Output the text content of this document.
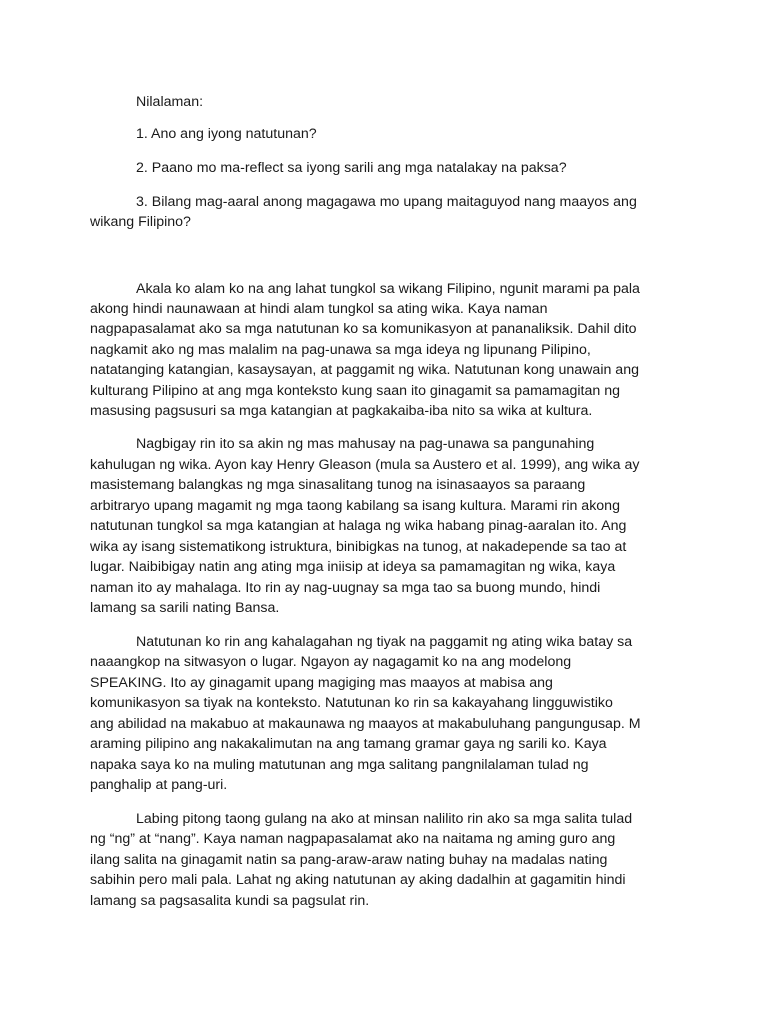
Nilalaman:
1. Ano ang iyong natutunan?
2. Paano mo ma-reflect sa iyong sarili ang mga natalakay na paksa?
3. Bilang mag-aaral anong magagawa mo upang maitaguyod nang maayos ang
wikang Filipino?
Akala ko alam ko na ang lahat tungkol sa wikang Filipino, ngunit marami pa pala
akong hindi naunawaan at hindi alam tungkol sa ating wika. Kaya naman
nagpapasalamat ako sa mga natutunan ko sa komunikasyon at pananaliksik. Dahil dito
nagkamit ako ng mas malalim na pag-unawa sa mga ideya ng lipunang Pilipino,
natatanging katangian, kasaysayan, at paggamit ng wika. Natutunan kong unawain ang
kulturang Pilipino at ang mga konteksto kung saan ito ginagamit sa pamamagitan ng
masusing pagsusuri sa mga katangian at pagkakaiba-iba nito sa wika at kultura.
Nagbigay rin ito sa akin ng mas mahusay na pag-unawa sa pangunahing
kahulugan ng wika. Ayon kay Henry Gleason (mula sa Austero et al. 1999), ang wika ay
masistemang balangkas ng mga sinasalitang tunog na isinasaayos sa paraang
arbitraryo upang magamit ng mga taong kabilang sa isang kultura. Marami rin akong
natutunan tungkol sa mga katangian at halaga ng wika habang pinag-aaralan ito. Ang
wika ay isang sistematikong istruktura, binibigkas na tunog, at nakadepende sa tao at
lugar. Naibibigay natin ang ating mga iniisip at ideya sa pamamagitan ng wika, kaya
naman ito ay mahalaga. Ito rin ay nag-uugnay sa mga tao sa buong mundo, hindi
lamang sa sarili nating Bansa.
Natutunan ko rin ang kahalagahan ng tiyak na paggamit ng ating wika batay sa
naaangkop na sitwasyon o lugar. Ngayon ay nagagamit ko na ang modelong
SPEAKING. Ito ay ginagamit upang magiging mas maayos at mabisa ang
komunikasyon sa tiyak na konteksto. Natutunan ko rin sa kakayahang lingguwistiko
ang abilidad na makabuo at makaunawa ng maayos at makabuluhang pangungusap. M
araming pilipino ang nakakalimutan na ang tamang gramar gaya ng sarili ko. Kaya
napaka saya ko na muling matutunan ang mga salitang pangnilalaman tulad ng
panghalip at pang-uri.
Labing pitong taong gulang na ako at minsan nalilito rin ako sa mga salita tulad
ng “ng” at “nang”. Kaya naman nagpapasalamat ako na naitama ng aming guro ang
ilang salita na ginagamit natin sa pang-araw-araw nating buhay na madalas nating
sabihin pero mali pala. Lahat ng aking natutunan ay aking dadalhin at gagamitin hindi
lamang sa pagsasalita kundi sa pagsulat rin.
